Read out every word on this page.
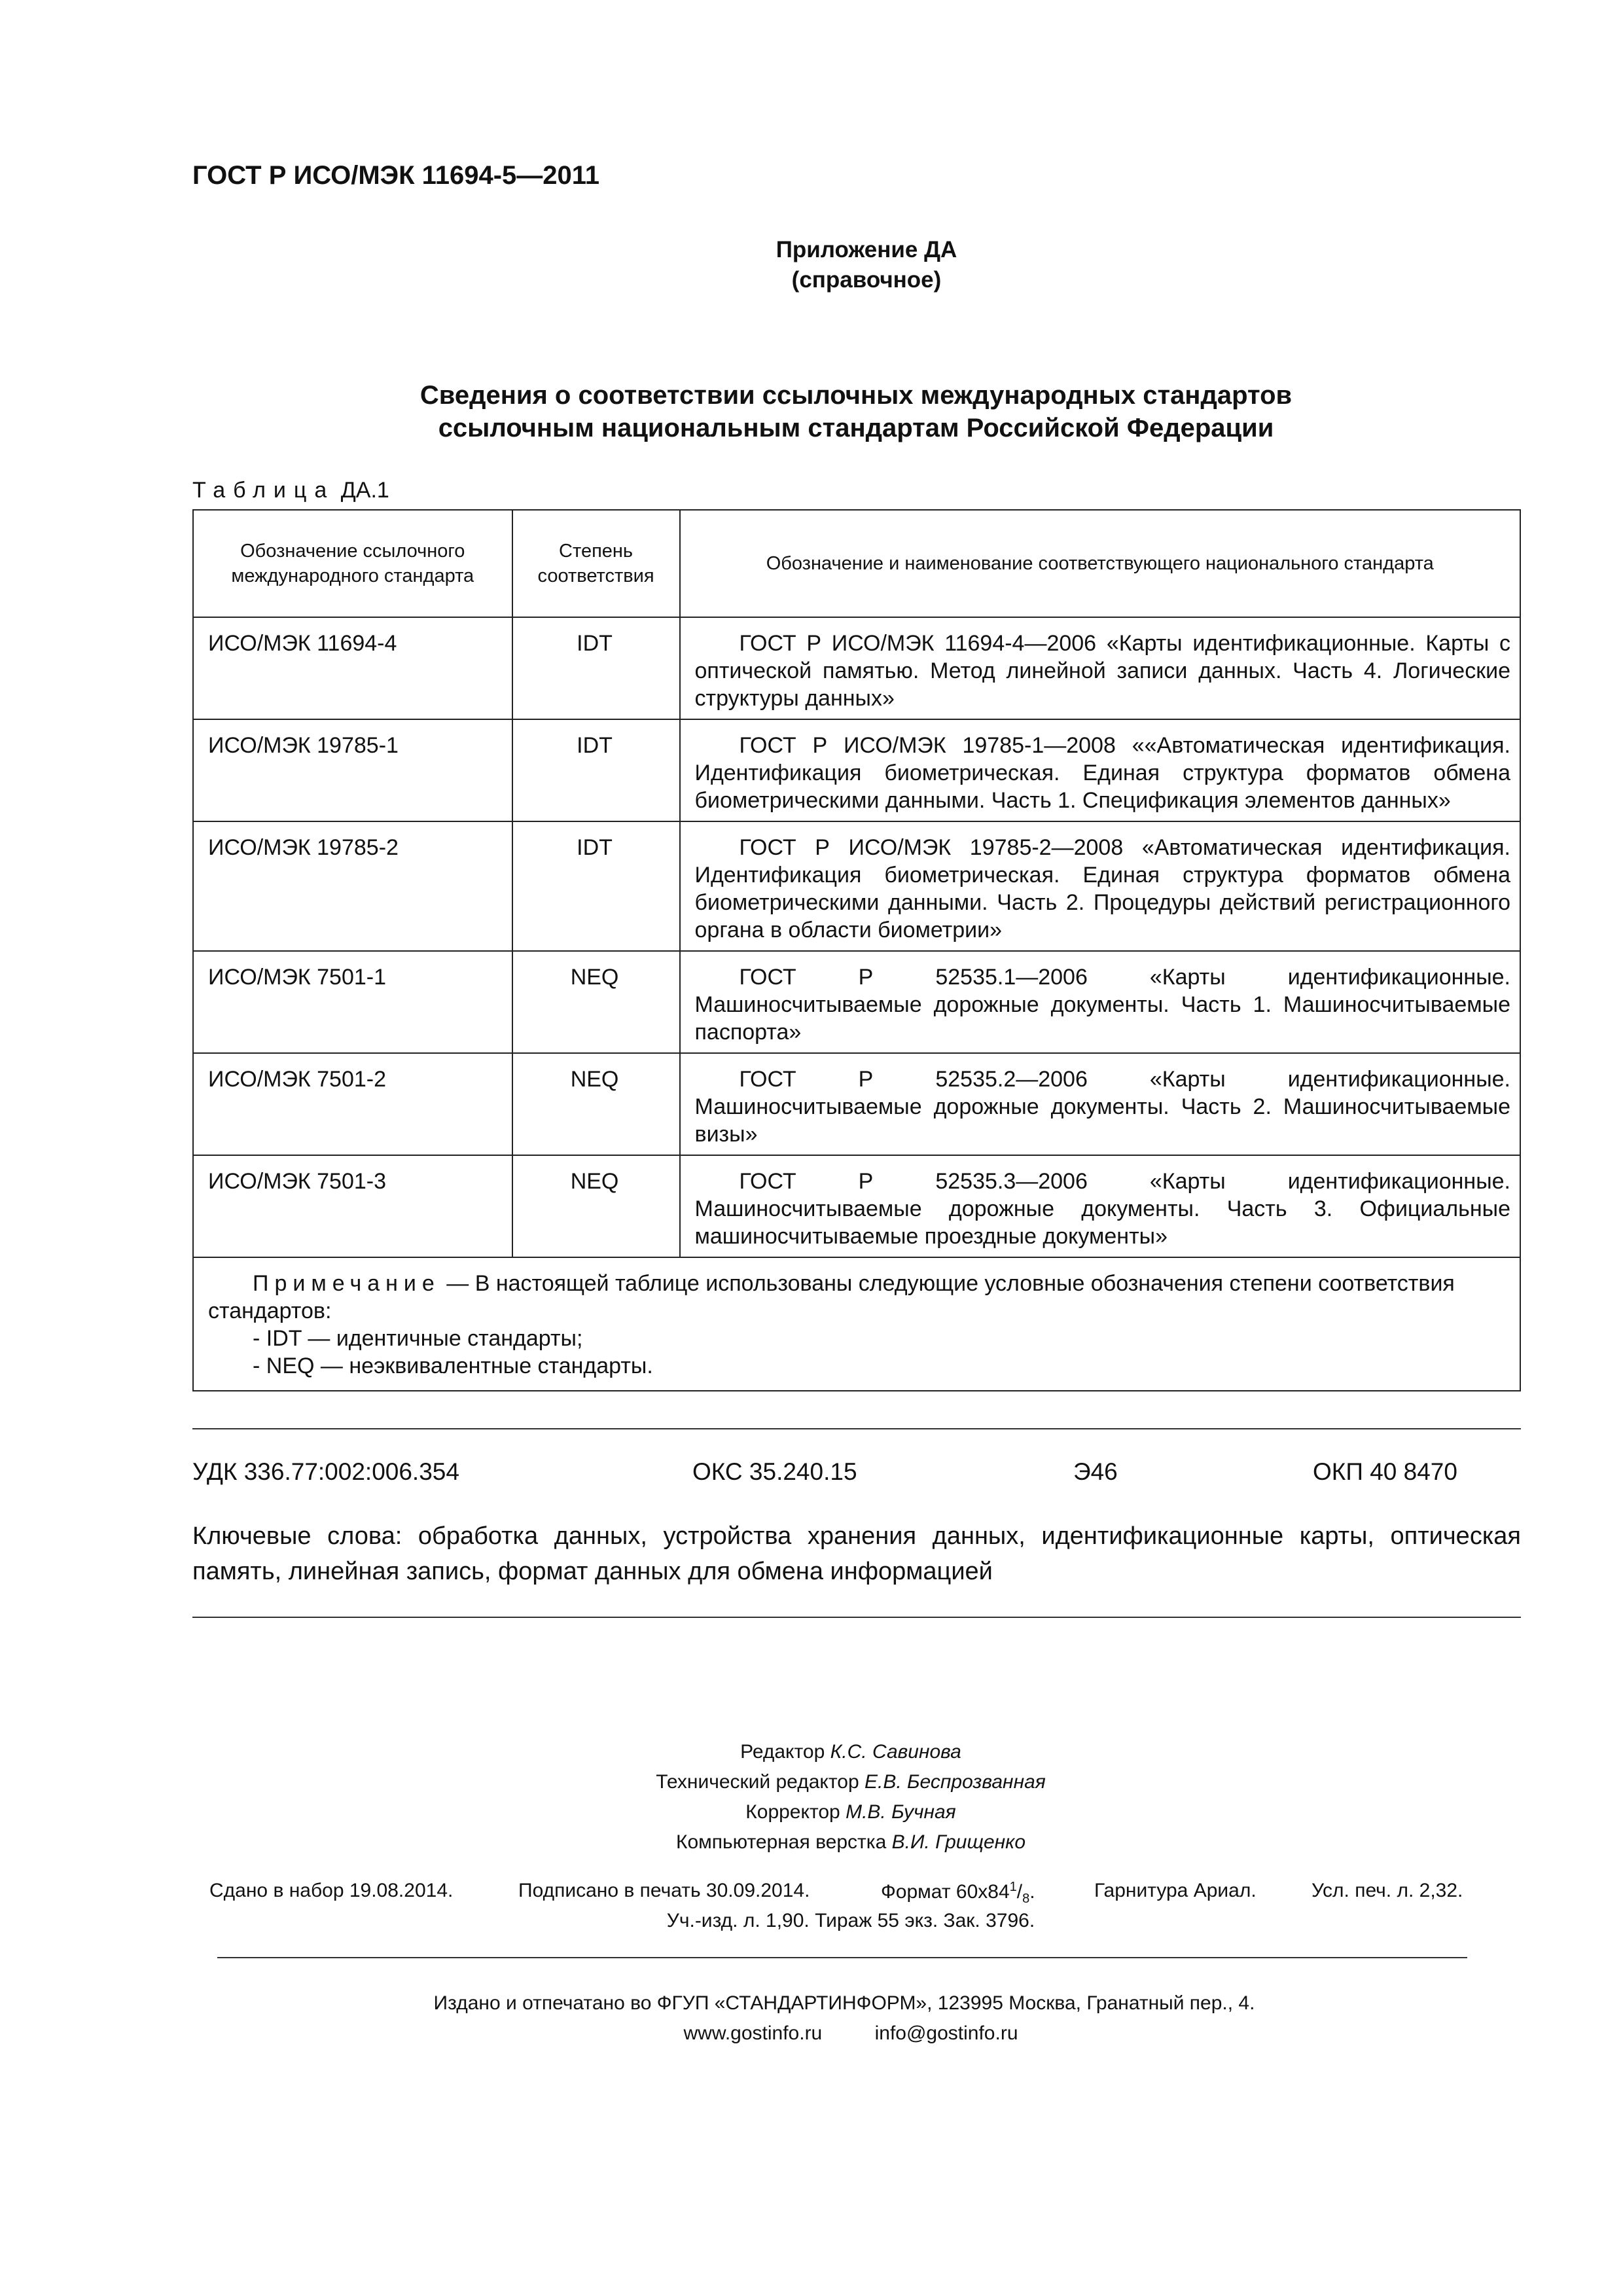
ГОСТ Р ИСО/МЭК 11694-5—2011
Приложение ДА
(справочное)
Сведения о соответствии ссылочных международных стандартов
ссылочным национальным стандартам Российской Федерации
Таблица ДА.1
Обозначение ссылочного международного стандарта	Степень соответствия	Обозначение и наименование соответствующего национального стандарта
ИСО/МЭК 11694-4	IDT	ГОСТ Р ИСО/МЭК 11694-4—2006 «Карты идентификационные. Карты с оптической памятью. Метод линейной записи данных. Часть 4. Логические структуры данных»
ИСО/МЭК 19785-1	IDT	ГОСТ Р ИСО/МЭК 19785-1—2008 ««Автоматическая идентификация. Идентификация биометрическая. Единая структура форматов обмена биометрическими данными. Часть 1. Спецификация элементов данных»
ИСО/МЭК 19785-2	IDT	ГОСТ Р ИСО/МЭК 19785-2—2008 «Автоматическая идентификация. Идентификация биометрическая. Единая структура форматов обмена биометрическими данными. Часть 2. Процедуры действий регистрационного органа в области биометрии»
ИСО/МЭК 7501-1	NEQ	ГОСТ Р 52535.1—2006 «Карты идентификационные. Машиносчитываемые дорожные документы. Часть 1. Машиносчитываемые паспорта»
ИСО/МЭК 7501-2	NEQ	ГОСТ Р 52535.2—2006 «Карты идентификационные. Машиносчитываемые дорожные документы. Часть 2. Машиносчитываемые визы»
ИСО/МЭК 7501-3	NEQ	ГОСТ Р 52535.3—2006 «Карты идентификационные. Машиносчитываемые дорожные документы. Часть 3. Официальные машиносчитываемые проездные документы»
Примечание — В настоящей таблице использованы следующие условные обозначения степени соответствия стандартов:
- IDT — идентичные стандарты;
- NEQ — неэквивалентные стандарты.		
УДК 336.77:002:006.354	ОКС 35.240.15	Э46	ОКП 40 8470
Ключевые слова: обработка данных, устройства хранения данных, идентификационные карты, оптическая память, линейная запись, формат данных для обмена информацией
Редактор К.С. Савинова
Технический редактор Е.В. Беспрозванная
Корректор М.В. Бучная
Компьютерная верстка В.И. Грищенко
Сдано в набор 19.08.2014.	Подписано в печать 30.09.2014.	Формат $60х84^1/_8$.	Гарнитура Ариал.	Усл. печ. л. 2,32.
Уч.-изд. л. 1,90. Тираж 55 экз. Зак. 3796.
Издано и отпечатано во ФГУП «СТАНДАРТИНФОРМ», 123995 Москва, Гранатный пер., 4.
www.gostinfo.ru	info@gostinfo.ru
